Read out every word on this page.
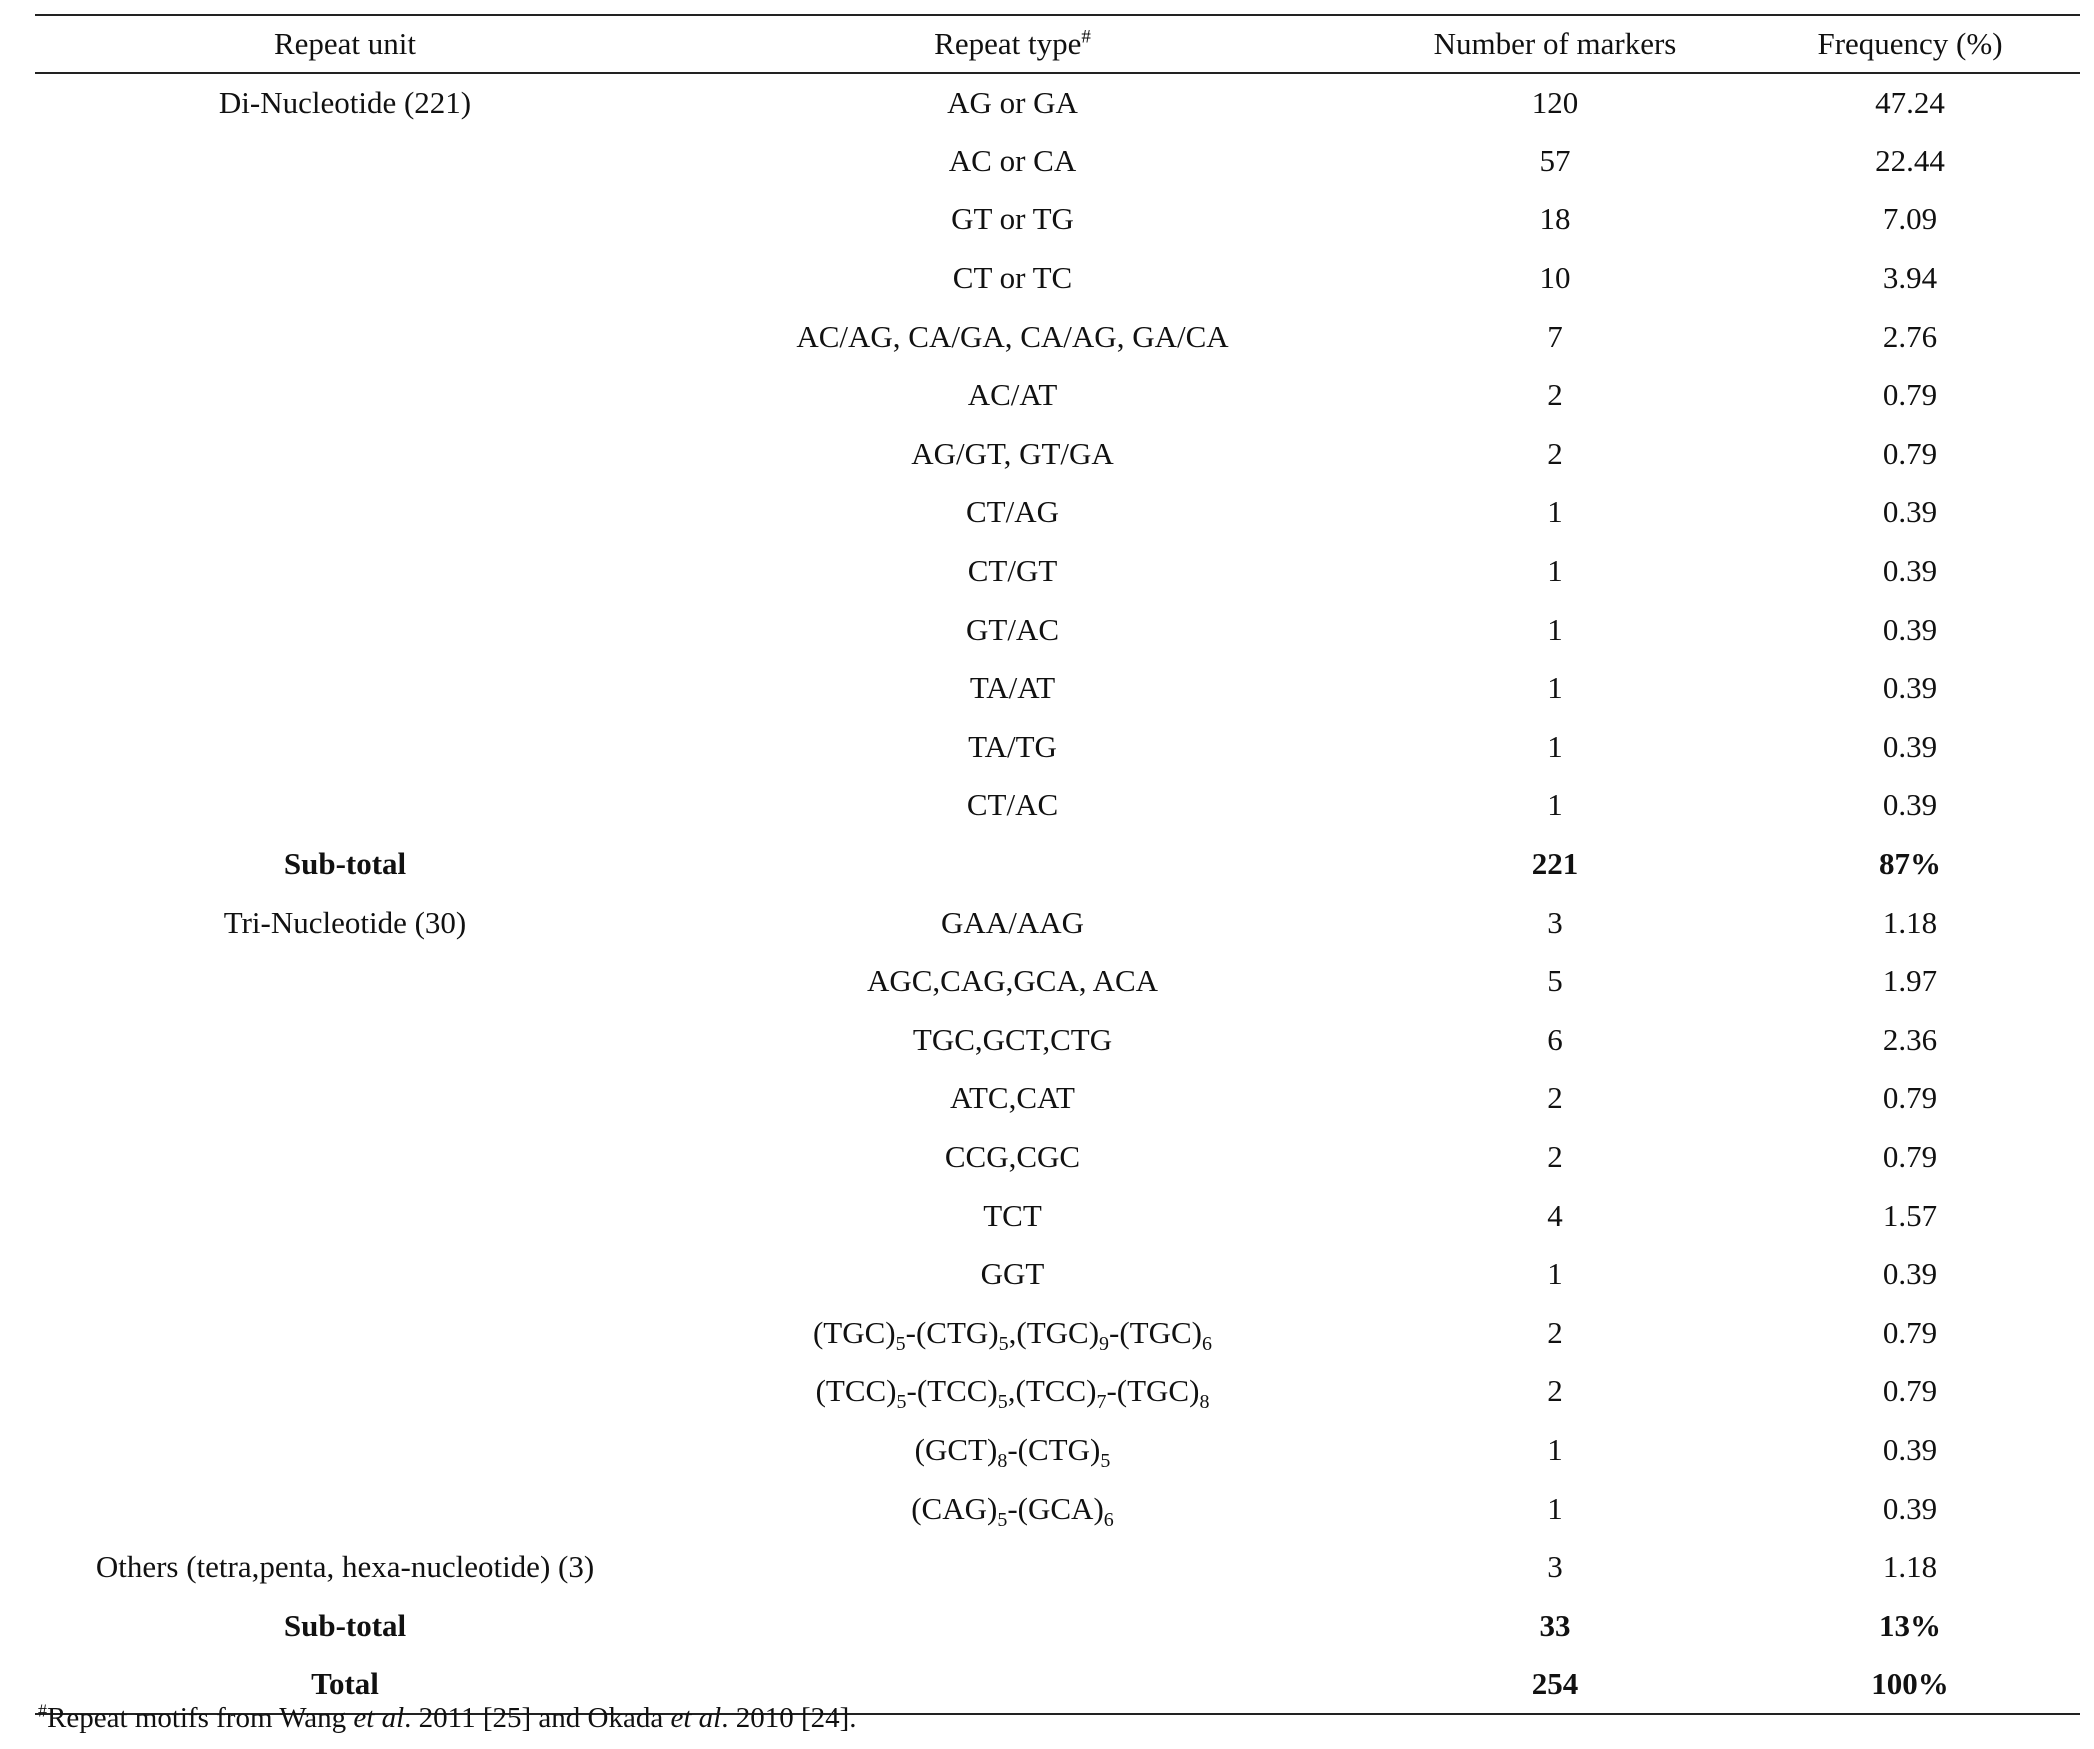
Repeat unit	Repeat type#	Number of markers	Frequency (%)
Di-Nucleotide (221)	AG or GA	120	47.24
	AC or CA	57	22.44
	GT or TG	18	7.09
	CT or TC	10	3.94
	AC/AG, CA/GA, CA/AG, GA/CA	7	2.76
	AC/AT	2	0.79
	AG/GT, GT/GA	2	0.79
	CT/AG	1	0.39
	CT/GT	1	0.39
	GT/AC	1	0.39
	TA/AT	1	0.39
	TA/TG	1	0.39
	CT/AC	1	0.39
Sub-total		221	87%
Tri-Nucleotide (30)	GAA/AAG	3	1.18
	AGC,CAG,GCA, ACA	5	1.97
	TGC,GCT,CTG	6	2.36
	ATC,CAT	2	0.79
	CCG,CGC	2	0.79
	TCT	4	1.57
	GGT	1	0.39
	$(TGC)_5-(CTG)_5,(TGC)_9-(TGC)_6$	2	0.79
	$(TCC)_5-(TCC)_5,(TCC)_7-(TGC)_8$	2	0.79
	$(GCT)_8-(CTG)_5$	1	0.39
	$(CAG)_5-(GCA)_6$	1	0.39
Others (tetra,penta, hexa-nucleotide) (3)		3	1.18
Sub-total		33	13%
Total		254	100%
#Repeat motifs from Wang et al. 2011 [25] and Okada et al. 2010 [24].
